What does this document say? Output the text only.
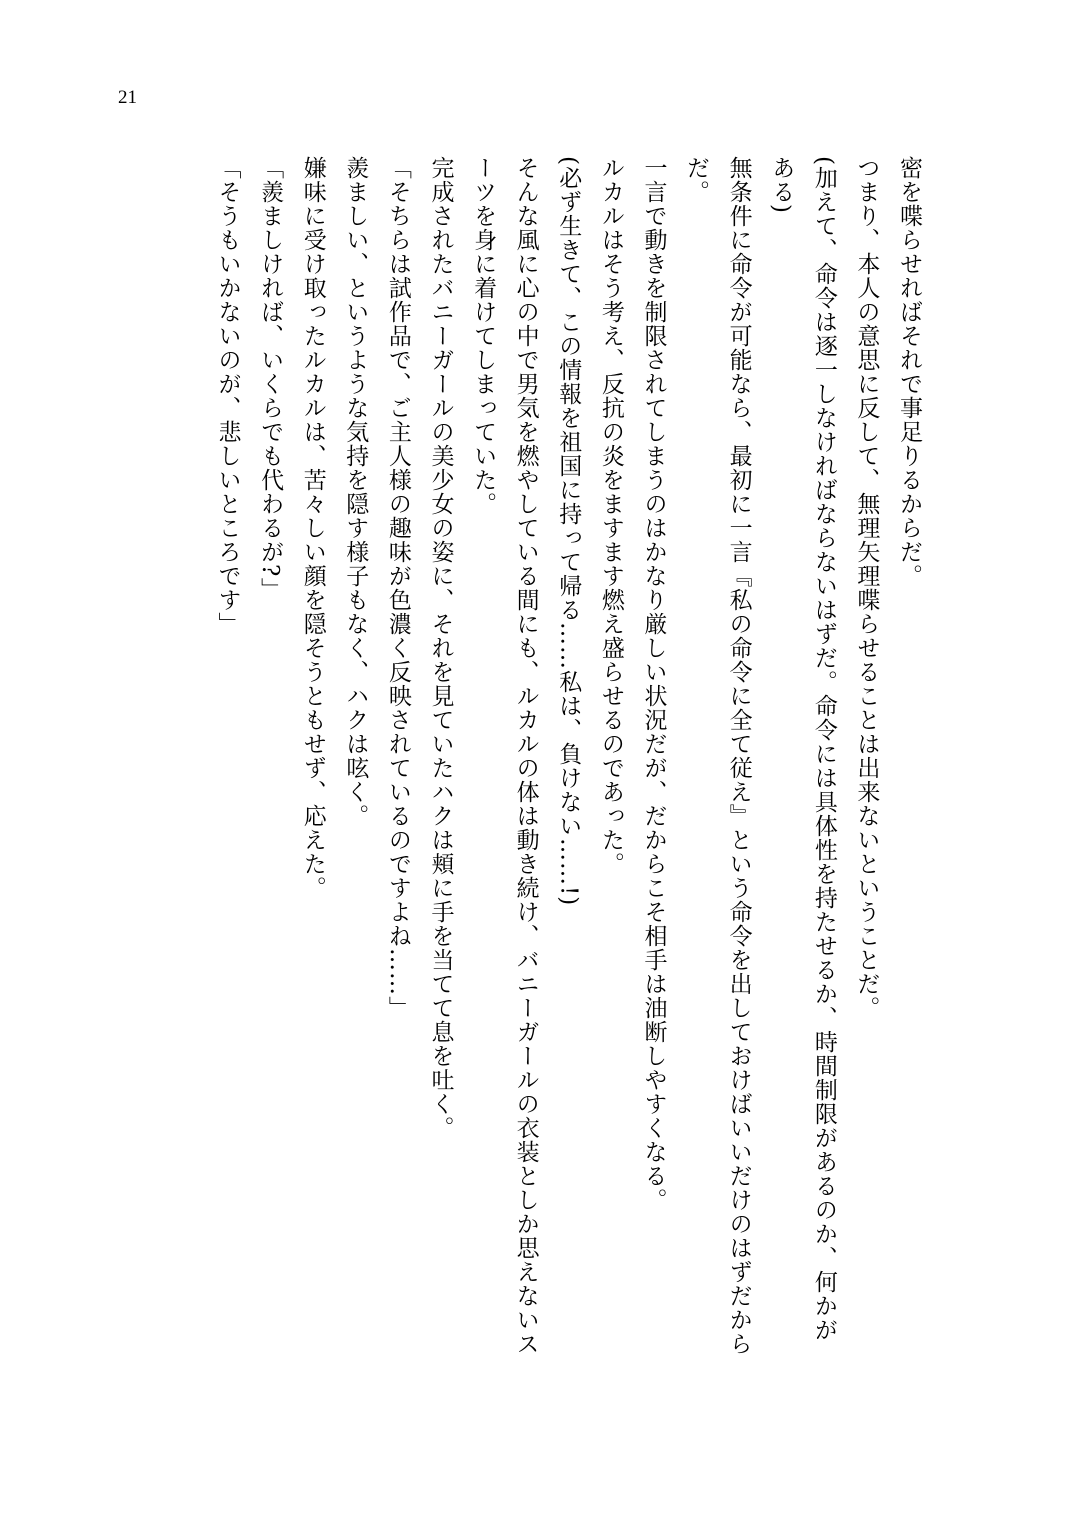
21

密を喋らせればそれで事足りるからだ。

つまり、本人の意思に反して、無理矢理喋らせることは出来ないということだ。

(加えて、命令は逐一しなければならないはずだ。命令には具体性を持たせるか、時間制限があるのか、何かが

ある)

無条件に命令が可能なら、最初に一言『私の命令に全て従え』という命令を出しておけばいいだけのはずだから

だ。

一言で動きを制限されてしまうのはかなり厳しい状況だが、だからこそ相手は油断しやすくなる。

ルカルはそう考え、反抗の炎をますます燃え盛らせるのであった。

(必ず生きて、この情報を祖国に持って帰る……私は、負けない……!)

そんな風に心の中で男気を燃やしている間にも、ルカルの体は動き続け、バニーガールの衣装としか思えないス

ーツを身に着けてしまっていた。

完成されたバニーガールの美少女の姿に、それを見ていたハクは頬に手を当てて息を吐く。

「そちらは試作品で、ご主人様の趣味が色濃く反映されているのですよね……」

羨ましい、というような気持を隠す様子もなく、ハクは呟く。

嫌味に受け取ったルカルは、苦々しい顔を隠そうともせず、応えた。

「羨ましければ、いくらでも代わるが?」

「そうもいかないのが、悲しいところです」
